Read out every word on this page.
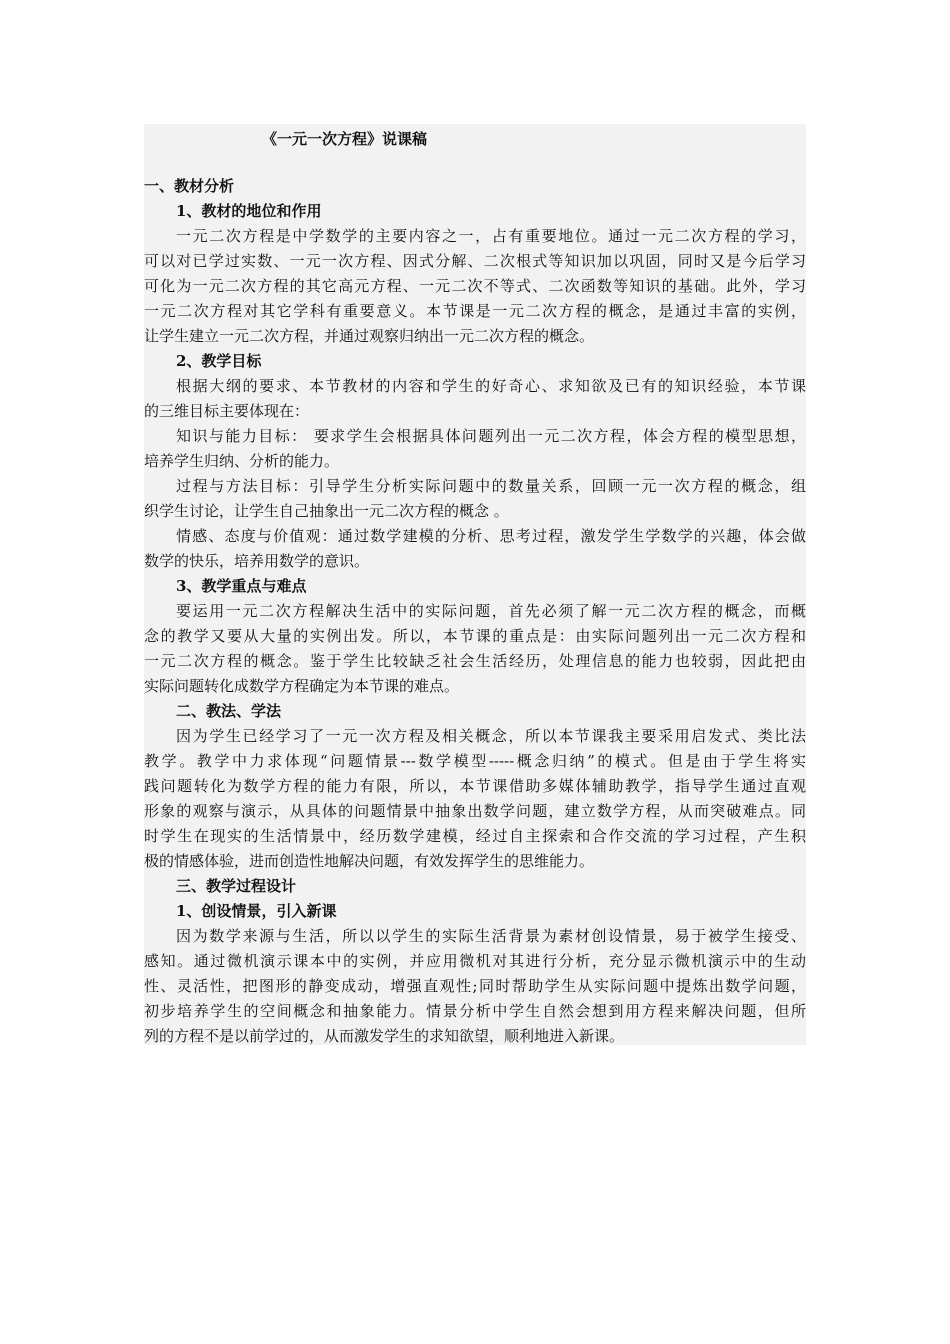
《一元一次方程》说课稿
一、教材分析
1、教材的地位和作用
一元二次方程是中学数学的主要内容之一，占有重要地位。通过一元二次方程的学习，
可以对已学过实数、一元一次方程、因式分解、二次根式等知识加以巩固，同时又是今后学习
可化为一元二次方程的其它高元方程、一元二次不等式、二次函数等知识的基础。此外，学习
一元二次方程对其它学科有重要意义。本节课是一元二次方程的概念，是通过丰富的实例，
让学生建立一元二次方程，并通过观察归纳出一元二次方程的概念。
2、教学目标
根据大纲的要求、本节教材的内容和学生的好奇心、求知欲及已有的知识经验，本节课
的三维目标主要体现在：
知识与能力目标： 要求学生会根据具体问题列出一元二次方程，体会方程的模型思想，
培养学生归纳、分析的能力。
过程与方法目标：引导学生分析实际问题中的数量关系，回顾一元一次方程的概念，组
织学生讨论，让学生自己抽象出一元二次方程的概念 。
情感、态度与价值观：通过数学建模的分析、思考过程，激发学生学数学的兴趣，体会做
数学的快乐，培养用数学的意识。
3、教学重点与难点
要运用一元二次方程解决生活中的实际问题，首先必须了解一元二次方程的概念，而概
念的教学又要从大量的实例出发。所以，本节课的重点是：由实际问题列出一元二次方程和
一元二次方程的概念。鉴于学生比较缺乏社会生活经历，处理信息的能力也较弱，因此把由
实际问题转化成数学方程确定为本节课的难点。
二、教法、学法
因为学生已经学习了一元一次方程及相关概念，所以本节课我主要采用启发式、类比法
教学。教学中力求体现“问题情景---数学模型-----概念归纳”的模式。但是由于学生将实
践问题转化为数学方程的能力有限，所以，本节课借助多媒体辅助教学，指导学生通过直观
形象的观察与演示，从具体的问题情景中抽象出数学问题，建立数学方程，从而突破难点。同
时学生在现实的生活情景中，经历数学建模，经过自主探索和合作交流的学习过程，产生积
极的情感体验，进而创造性地解决问题，有效发挥学生的思维能力。
三、教学过程设计
1、创设情景，引入新课
因为数学来源与生活，所以以学生的实际生活背景为素材创设情景，易于被学生接受、
感知。通过微机演示课本中的实例，并应用微机对其进行分析，充分显示微机演示中的生动
性、灵活性，把图形的静变成动，增强直观性;同时帮助学生从实际问题中提炼出数学问题，
初步培养学生的空间概念和抽象能力。情景分析中学生自然会想到用方程来解决问题，但所
列的方程不是以前学过的，从而激发学生的求知欲望，顺利地进入新课。
